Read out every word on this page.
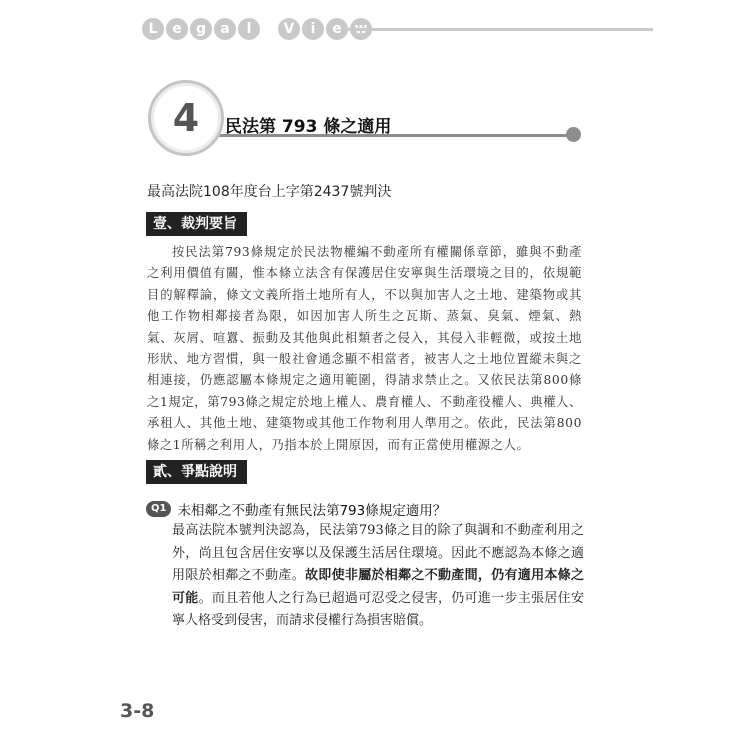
L	e	g	a	l	V	i	e
4 民法第 793 條之適用
最高法院108年度台上字第2437號判決
壹、裁判要旨

按民法第793條規定於民法物權編不動產所有權關係章節，雖與不動產之利用價值有關，惟本條立法含有保護居住安寧與生活環境之目的，依規範目的解釋論，條文文義所指土地所有人，不以與加害人之土地、建築物或其他工作物相鄰接者為限，如因加害人所生之瓦斯、蒸氣、臭氣、煙氣、熱氣、灰屑、喧囂、振動及其他與此相類者之侵入，其侵入非輕微，或按土地形狀、地方習慣，與一般社會通念顯不相當者，被害人之土地位置縱未與之相連接，仍應認屬本條規定之適用範圍，得請求禁止之。又依民法第800條之1規定，第793條之規定於地上權人、農育權人、不動產役權人、典權人、承租人、其他土地、建築物或其他工作物利用人準用之。依此，民法第800條之1所稱之利用人，乃指本於上開原因，而有正當使用權源之人。

貳、爭點說明
Q1 未相鄰之不動產有無民法第793條規定適用？

最高法院本號判決認為，民法第793條之目的除了與調和不動產利用之外，尚且包含居住安寧以及保護生活居住環境。因此不應認為本條之適用限於相鄰之不動產。故即使非屬於相鄰之不動產間，仍有適用本條之可能。而且若他人之行為已超過可忍受之侵害，仍可進一步主張居住安寧人格受到侵害，而請求侵權行為損害賠償。

3-8
